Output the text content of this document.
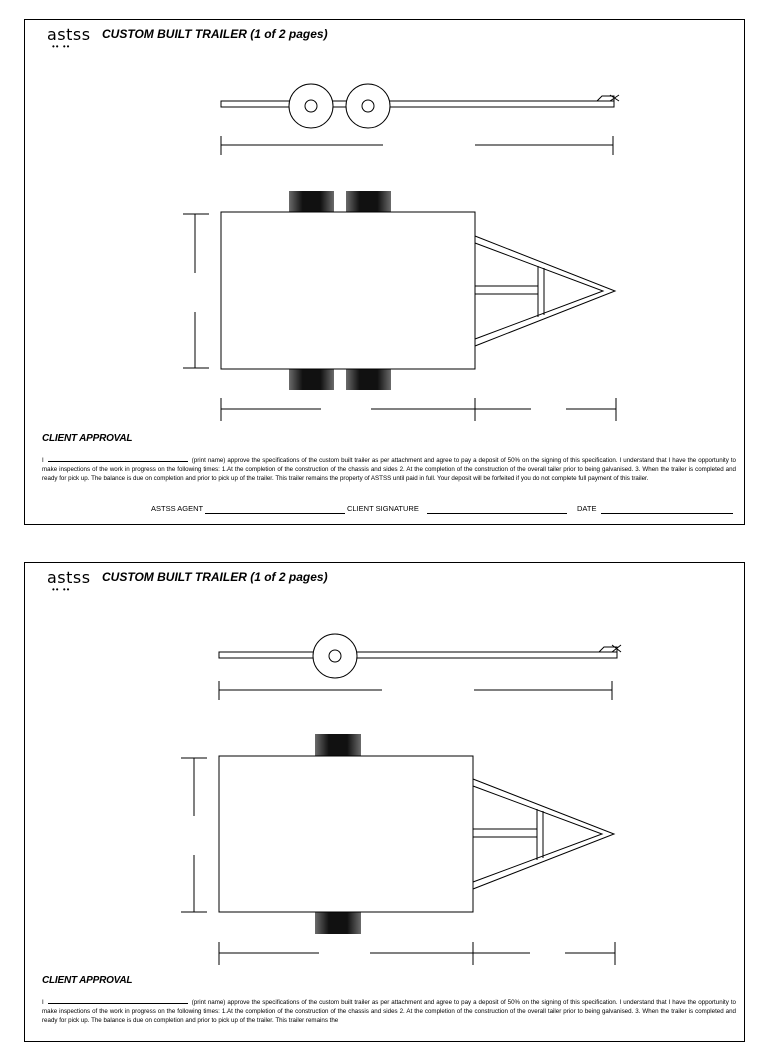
astss
•• ••
CUSTOM BUILT TRAILER (1 of 2 pages)
CLIENT APPROVAL
I	(print name) approve the specifications of the custom built trailer as per attachment and agree to pay a deposit of 50% on the signing of this specification. I understand that I have the opportunity to make inspections of the work in progress on the following times: 1.At the completion of the construction of the chassis and sides 2. At the completion of the construction of the overall tailer prior to being galvanised. 3. When the trailer is completed and ready for pick up. The balance is due on completion and prior to pick up of the trailer. This trailer remains the property of ASTSS until paid in full. Your deposit will be forfeited if you do not complete full payment of this trailer.
ASTSS AGENT	CLIENT SIGNATURE	DATE
astss
•• ••
CUSTOM BUILT TRAILER (1 of 2 pages)
CLIENT APPROVAL
I	(print name) approve the specifications of the custom built trailer as per attachment and agree to pay a deposit of 50% on the signing of this specification. I understand that I have the opportunity to make inspections of the work in progress on the following times: 1.At the completion of the construction of the chassis and sides 2. At the completion of the construction of the overall tailer prior to being galvanised. 3. When the trailer is completed and ready for pick up. The balance is due on completion and prior to pick up of the trailer. This trailer remains the
